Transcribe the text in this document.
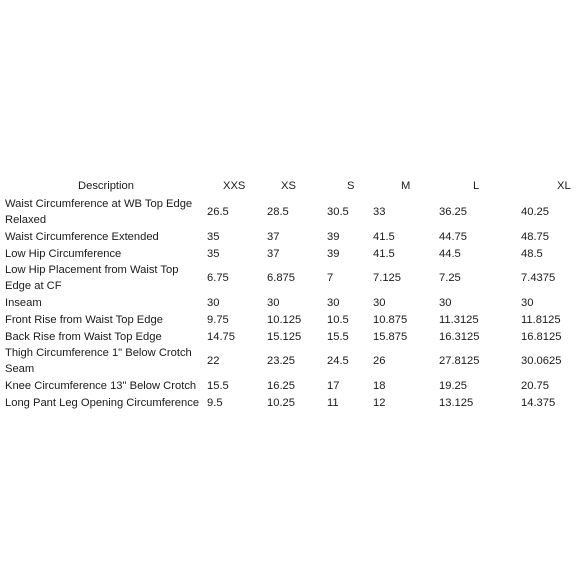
Description	XXS	XS	S	M	L	XL
Waist Circumference at WB Top Edge Relaxed	26.5	28.5	30.5	33	36.25	40.25
Waist Circumference Extended	35	37	39	41.5	44.75	48.75
Low Hip Circumference	35	37	39	41.5	44.5	48.5
Low Hip Placement from Waist Top Edge at CF	6.75	6.875	7	7.125	7.25	7.4375
Inseam	30	30	30	30	30	30
Front Rise from Waist Top Edge	9.75	10.125	10.5	10.875	11.3125	11.8125
Back Rise from Waist Top Edge	14.75	15.125	15.5	15.875	16.3125	16.8125
Thigh Circumference 1" Below Crotch Seam	22	23.25	24.5	26	27.8125	30.0625
Knee Circumference 13" Below Crotch	15.5	16.25	17	18	19.25	20.75
Long Pant Leg Opening Circumference	9.5	10.25	11	12	13.125	14.375
